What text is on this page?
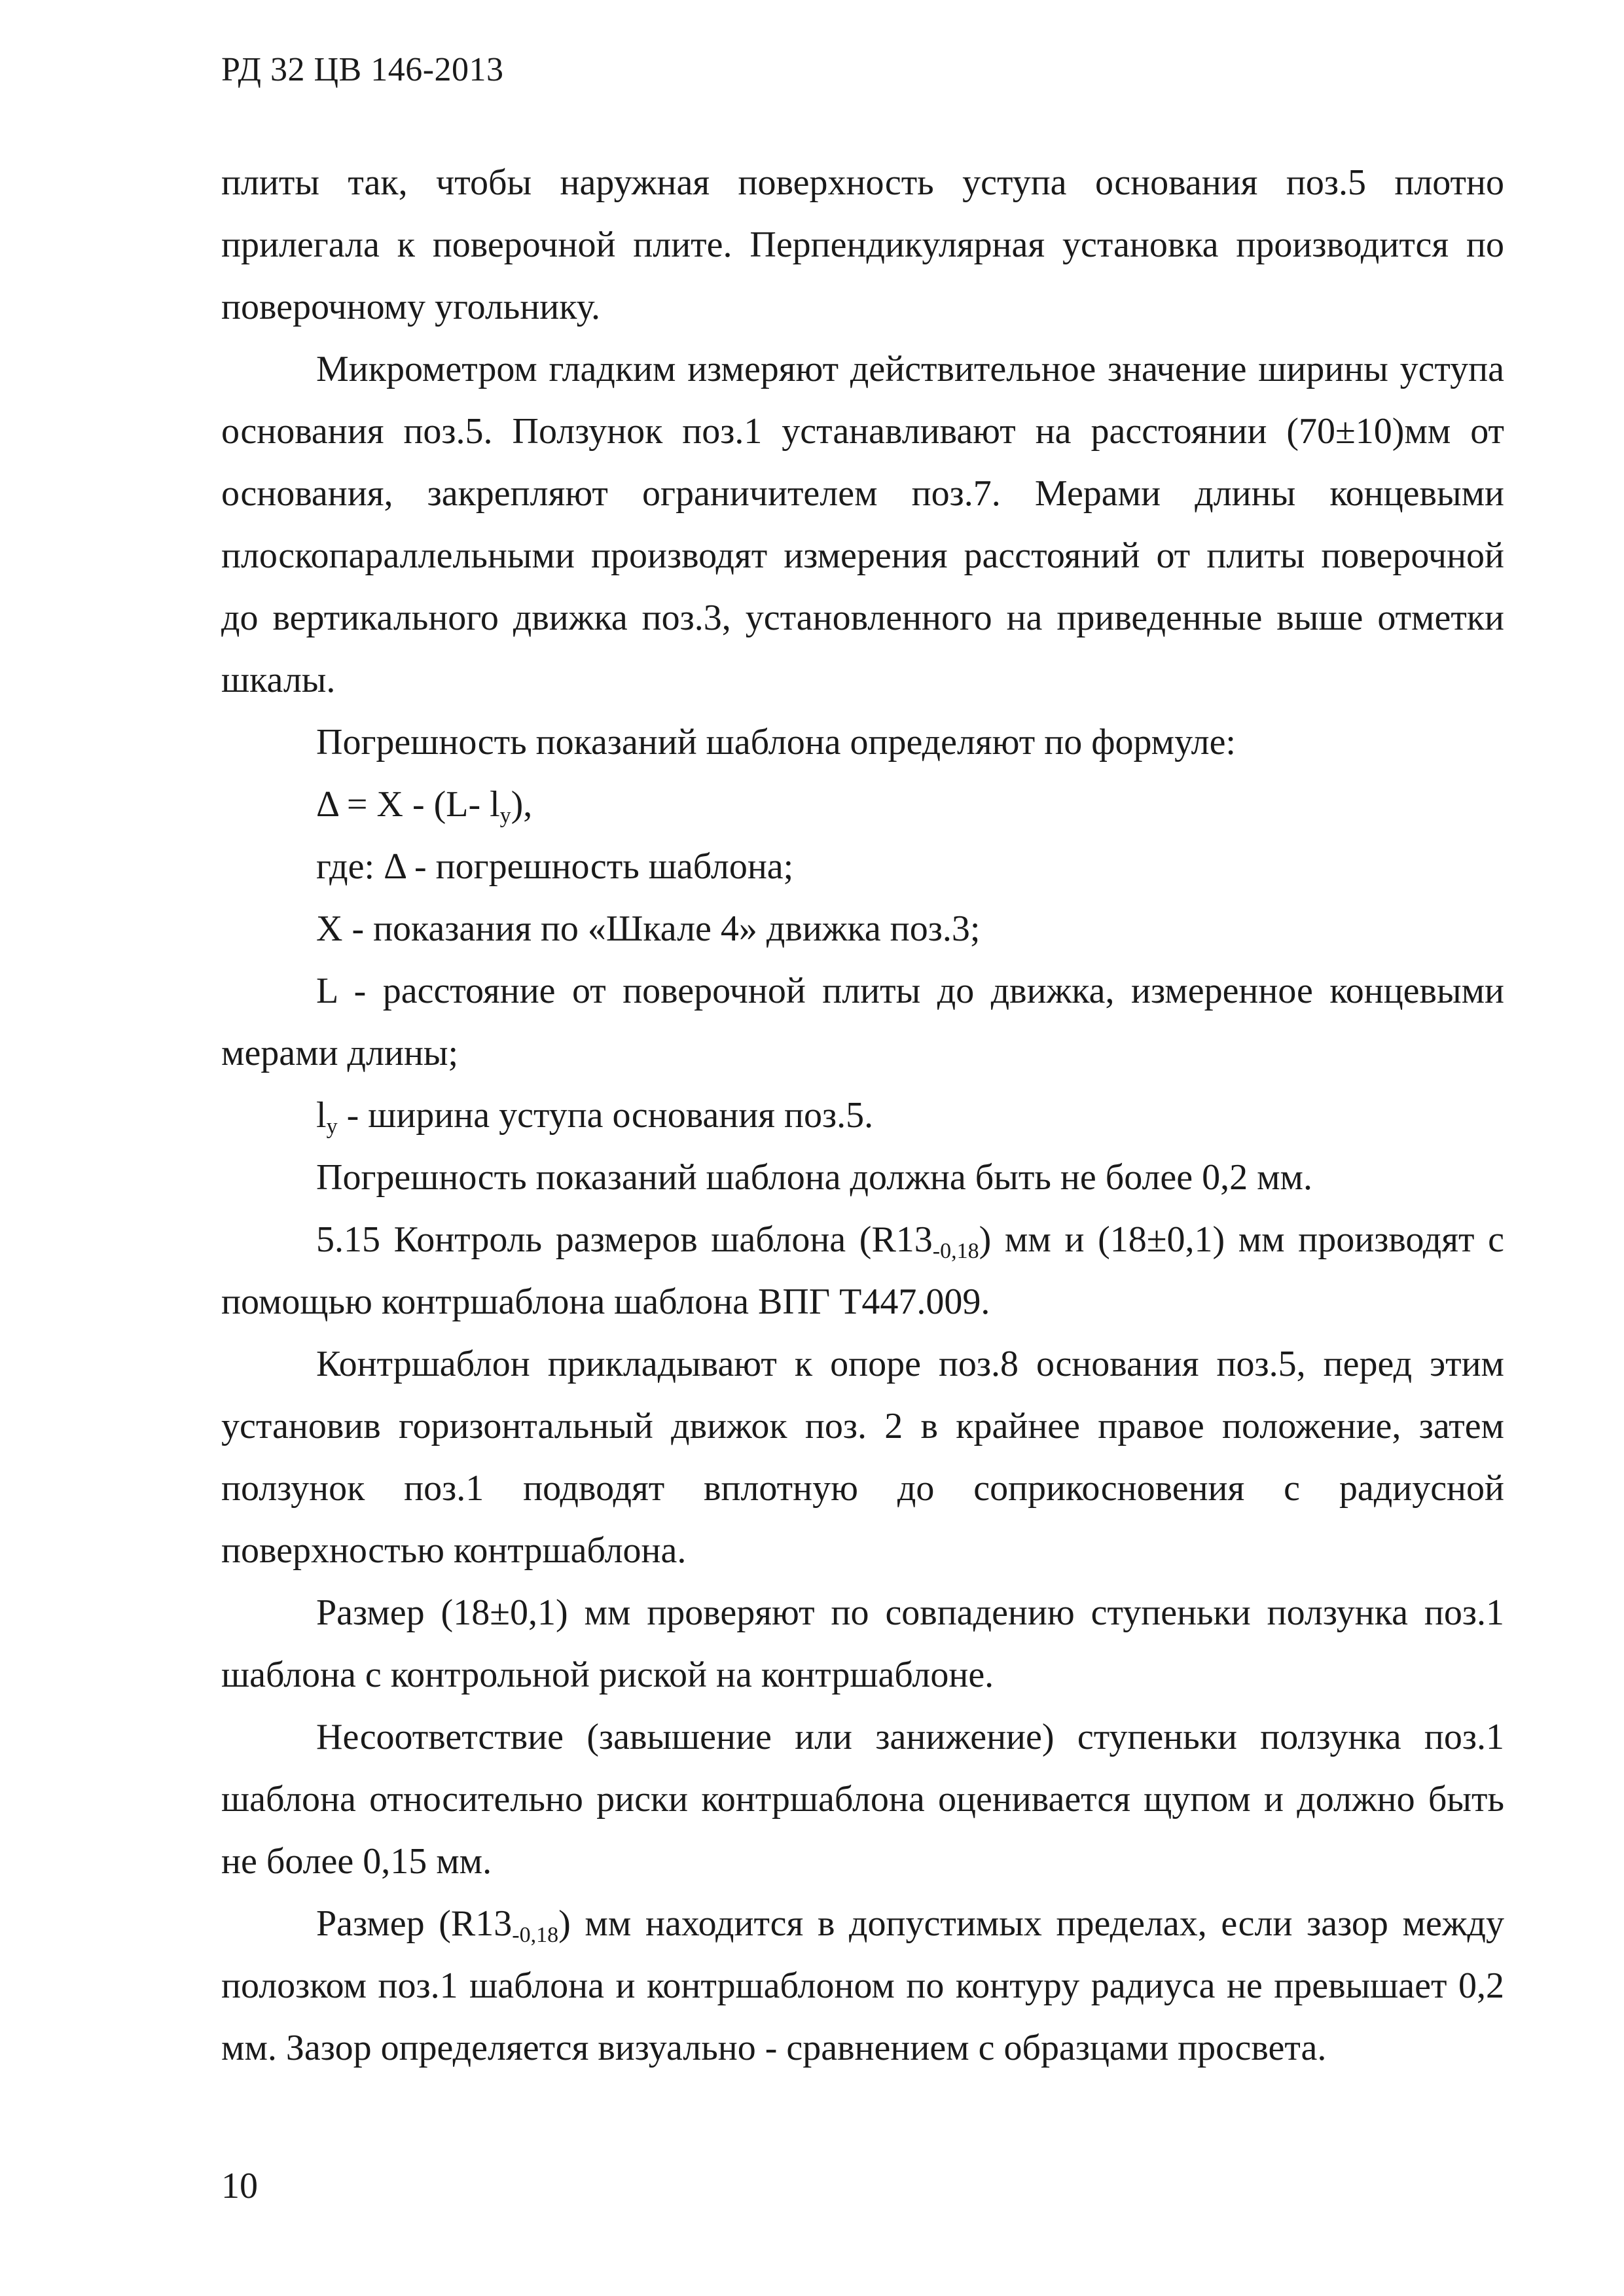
РД 32 ЦВ 146-2013

плиты так, чтобы наружная поверхность уступа основания поз.5 плотно прилегала к поверочной плите. Перпендикулярная установка производится по поверочному угольнику.

Микрометром гладким измеряют действительное значение ширины уступа основания поз.5. Ползунок поз.1 устанавливают на расстоянии (70±10)мм от основания, закрепляют ограничителем поз.7. Мерами длины концевыми плоскопараллельными производят измерения расстояний от плиты поверочной до вертикального движка поз.3, установленного на приведенные выше отметки шкалы.

Погрешность показаний шаблона определяют по формуле:

Δ = X - (L- $l_у$),

где: Δ - погрешность шаблона;

X - показания по «Шкале 4» движка поз.3;

L - расстояние от поверочной плиты до движка, измеренное концевыми мерами длины;

$l_у$ - ширина уступа основания поз.5.

Погрешность показаний шаблона должна быть не более 0,2 мм.

5.15 Контроль размеров шаблона $(R13_{-0,18})$ мм и (18±0,1) мм производят с помощью контршаблона шаблона ВПГ Т447.009.

Контршаблон прикладывают к опоре поз.8 основания поз.5, перед этим установив горизонтальный движок поз. 2 в крайнее правое положение, затем ползунок поз.1 подводят вплотную до соприкосновения с радиусной поверхностью контршаблона.

Размер (18±0,1) мм проверяют по совпадению ступеньки ползунка поз.1 шаблона с контрольной риской на контршаблоне.

Несоответствие (завышение или занижение) ступеньки ползунка поз.1 шаблона относительно риски контршаблона оценивается щупом и должно быть не более 0,15 мм.

Размер $(R13_{-0,18})$ мм находится в допустимых пределах, если зазор между полозком поз.1 шаблона и контршаблоном по контуру радиуса не превышает 0,2 мм. Зазор определяется визуально - сравнением с образцами просвета.

10
